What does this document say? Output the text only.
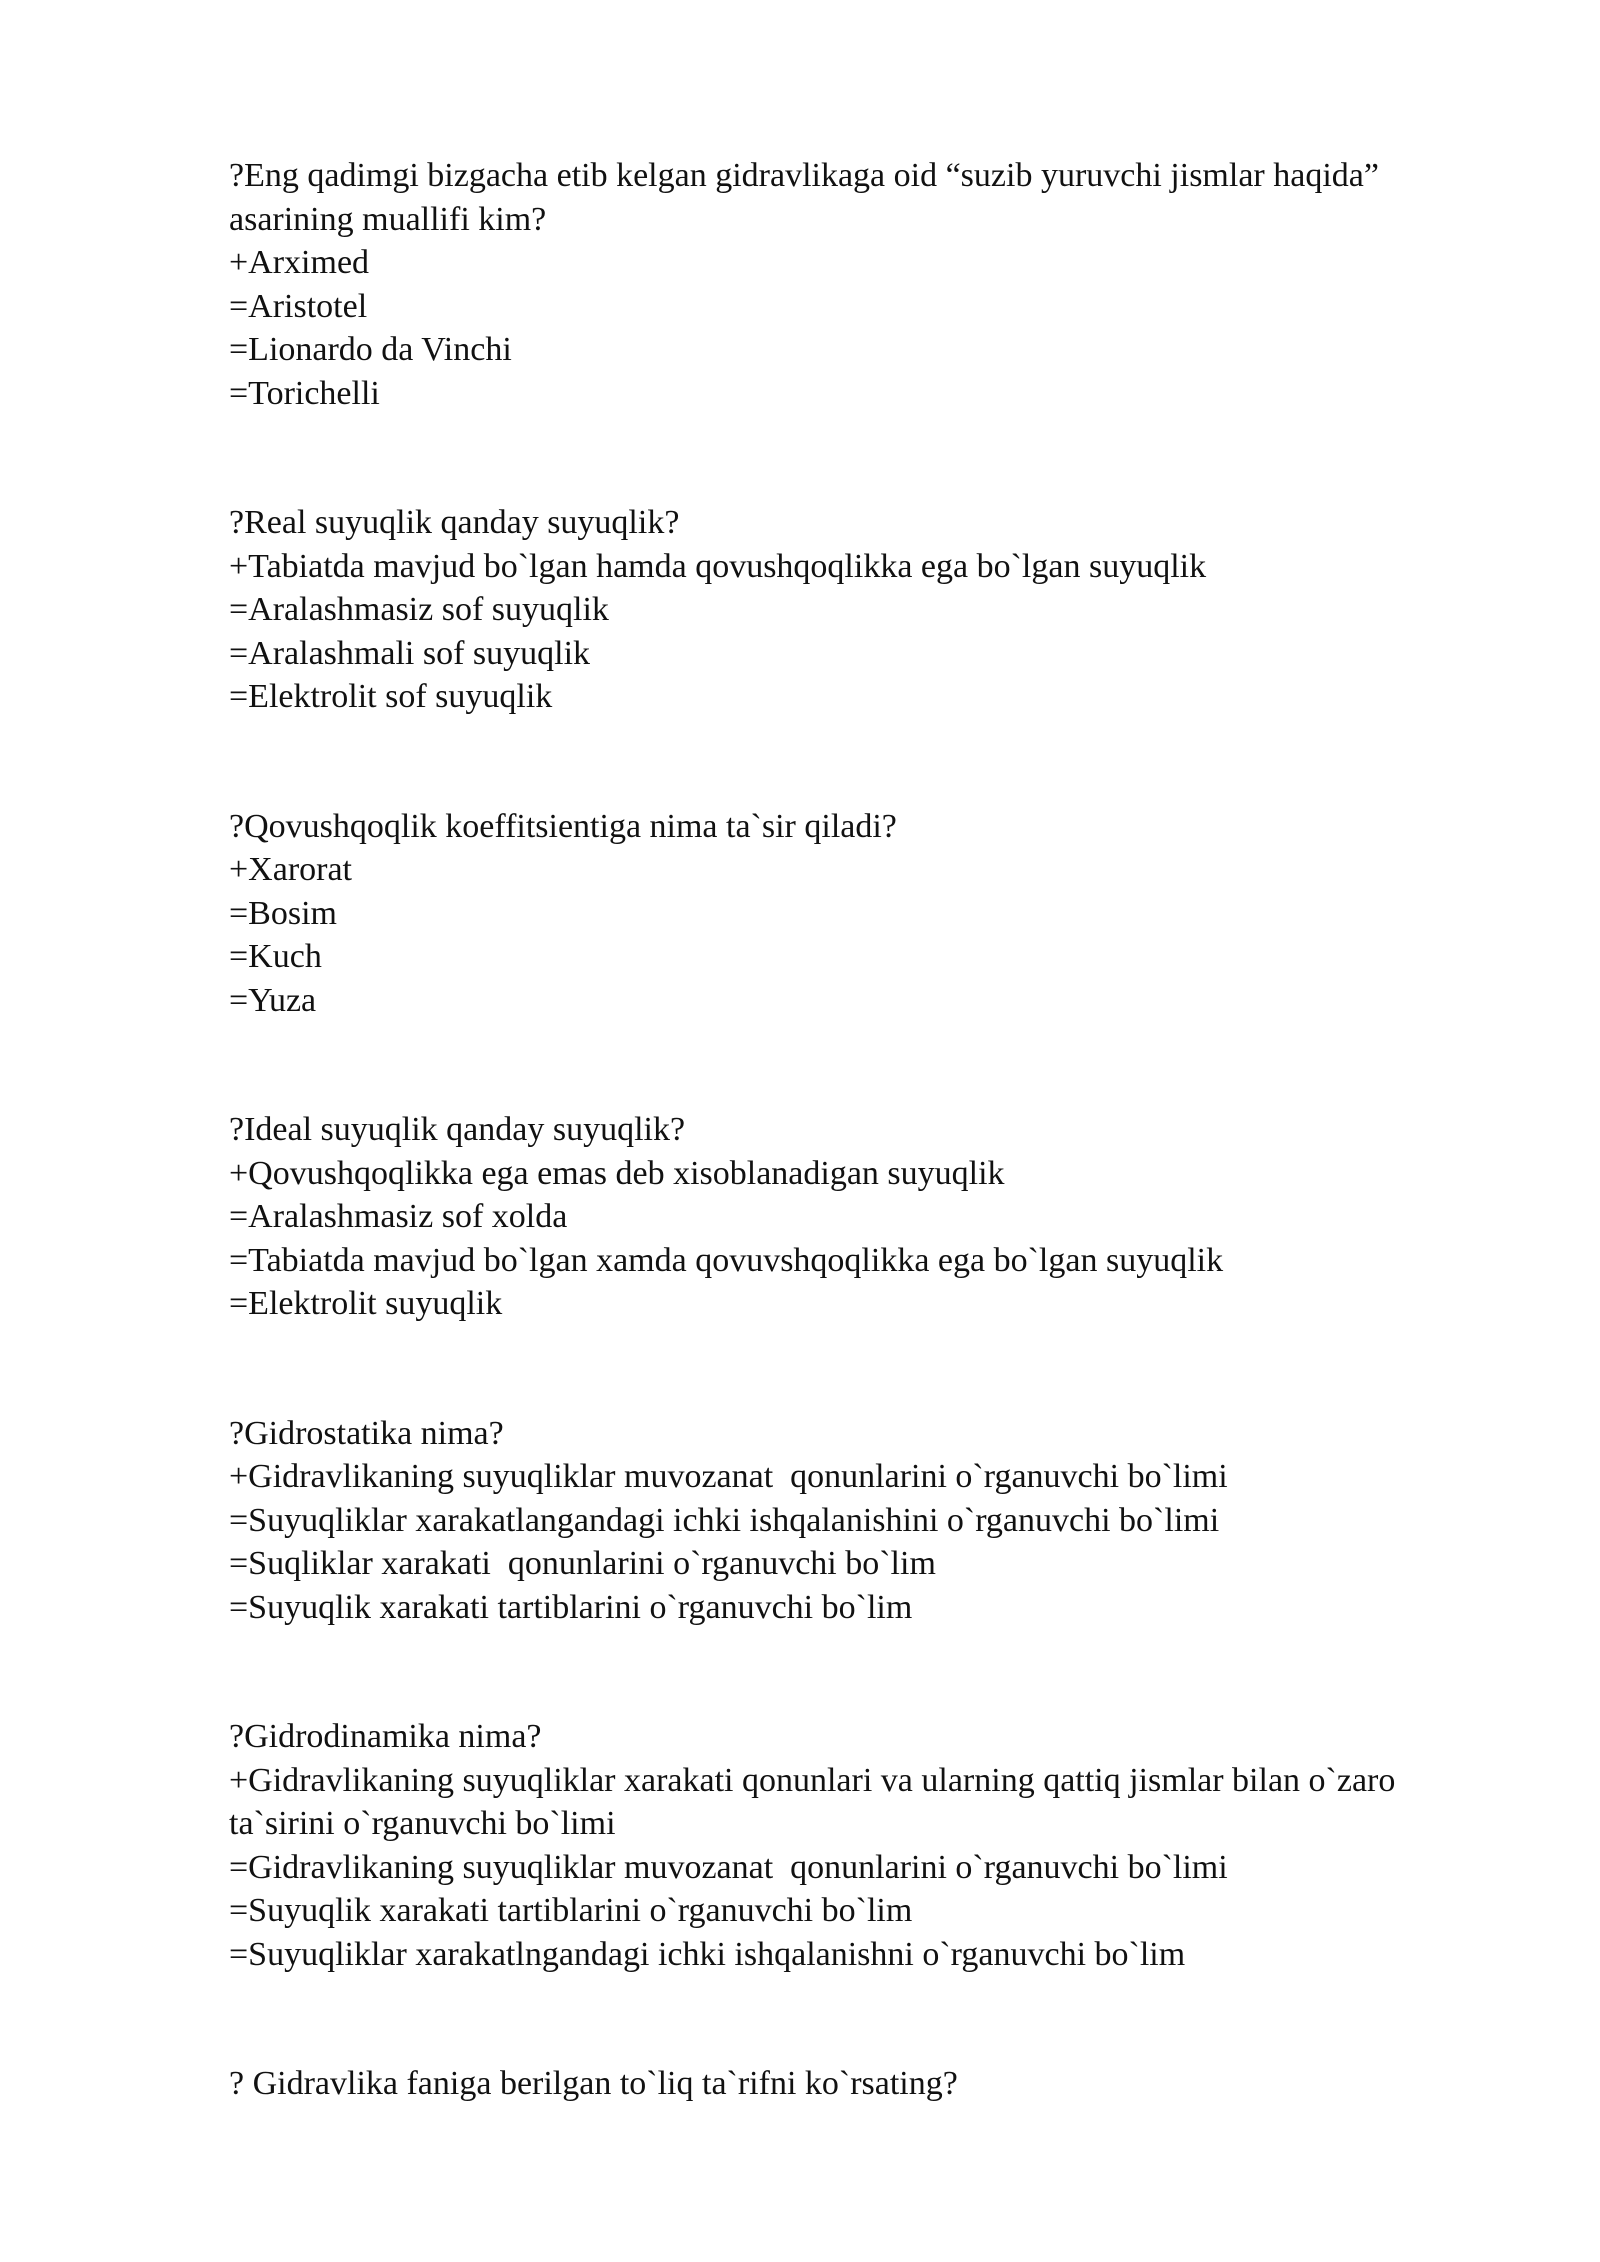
?Eng qadimgi bizgacha etib kelgan gidravlikaga oid “suzib yuruvchi jismlar haqida” asarining muallifi kim?

+Arximed

=Aristotel

=Lionardo da Vinchi

=Torichelli

?Real suyuqlik qanday suyuqlik?

+Tabiatda mavjud bo`lgan hamda qovushqoqlikka ega bo`lgan suyuqlik

=Aralashmasiz sof suyuqlik

=Aralashmali sof suyuqlik

=Elektrolit sof suyuqlik

?Qovushqoqlik koeffitsientiga nima ta`sir qiladi?

+Xarorat

=Bosim

=Kuch

=Yuza

?Ideal suyuqlik qanday suyuqlik?

+Qovushqoqlikka ega emas deb xisoblanadigan suyuqlik

=Aralashmasiz sof xolda

=Tabiatda mavjud bo`lgan xamda qovuvshqoqlikka ega bo`lgan suyuqlik

=Elektrolit suyuqlik

?Gidrostatika nima?

+Gidravlikaning suyuqliklar muvozanat  qonunlarini o`rganuvchi bo`limi

=Suyuqliklar xarakatlangandagi ichki ishqalanishini o`rganuvchi bo`limi

=Suqliklar xarakati  qonunlarini o`rganuvchi bo`lim

=Suyuqlik xarakati tartiblarini o`rganuvchi bo`lim

?Gidrodinamika nima?

+Gidravlikaning suyuqliklar xarakati qonunlari va ularning qattiq jismlar bilan o`zaro ta`sirini o`rganuvchi bo`limi

=Gidravlikaning suyuqliklar muvozanat  qonunlarini o`rganuvchi bo`limi

=Suyuqlik xarakati tartiblarini o`rganuvchi bo`lim

=Suyuqliklar xarakatlngandagi ichki ishqalanishni o`rganuvchi bo`lim

? Gidravlika faniga berilgan to`liq ta`rifni ko`rsating?
